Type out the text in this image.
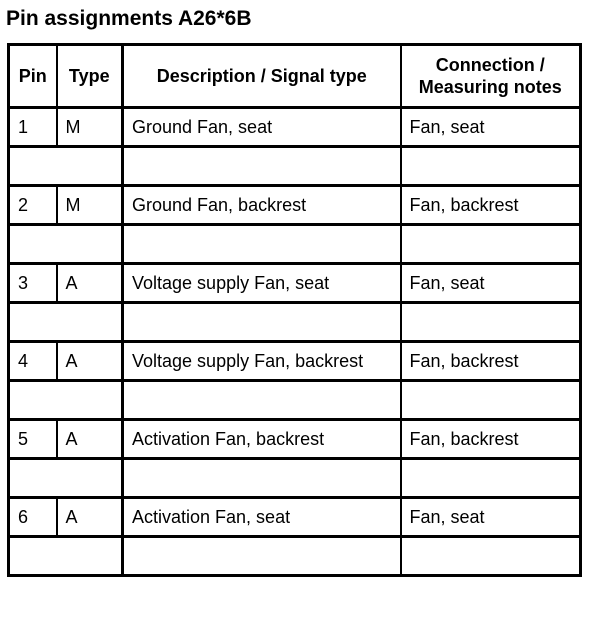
Pin assignments A26*6B
Pin	Type	Description / Signal type	Connection /
Measuring notes
1	M	Ground Fan, seat	Fan, seat

2	M	Ground Fan, backrest	Fan, backrest

3	A	Voltage supply Fan, seat	Fan, seat

4	A	Voltage supply Fan, backrest	Fan, backrest

5	A	Activation Fan, backrest	Fan, backrest

6	A	Activation Fan, seat	Fan, seat
